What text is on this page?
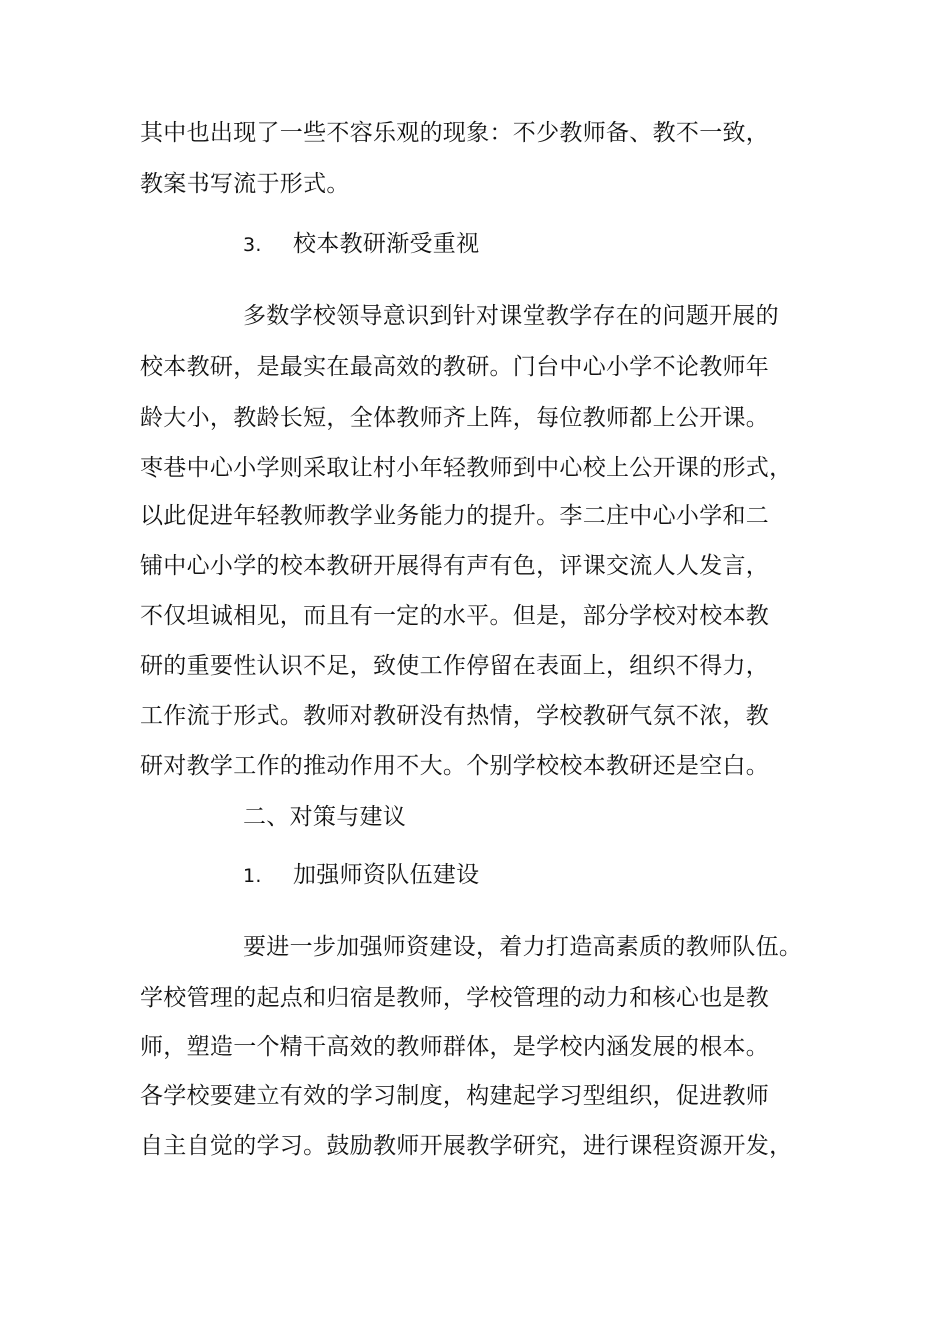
其中也出现了一些不容乐观的现象：不少教师备、教不一致，
教案书写流于形式。
3. 校本教研渐受重视
多数学校领导意识到针对课堂教学存在的问题开展的
校本教研，是最实在最高效的教研。门台中心小学不论教师年
龄大小，教龄长短，全体教师齐上阵，每位教师都上公开课。
枣巷中心小学则采取让村小年轻教师到中心校上公开课的形式，
以此促进年轻教师教学业务能力的提升。李二庄中心小学和二
铺中心小学的校本教研开展得有声有色，评课交流人人发言，
不仅坦诚相见，而且有一定的水平。但是，部分学校对校本教
研的重要性认识不足，致使工作停留在表面上，组织不得力，
工作流于形式。教师对教研没有热情，学校教研气氛不浓，教
研对教学工作的推动作用不大。个别学校校本教研还是空白。
二、对策与建议
1. 加强师资队伍建设
要进一步加强师资建设，着力打造高素质的教师队伍。
学校管理的起点和归宿是教师，学校管理的动力和核心也是教
师，塑造一个精干高效的教师群体，是学校内涵发展的根本。
各学校要建立有效的学习制度，构建起学习型组织，促进教师
自主自觉的学习。鼓励教师开展教学研究，进行课程资源开发，
